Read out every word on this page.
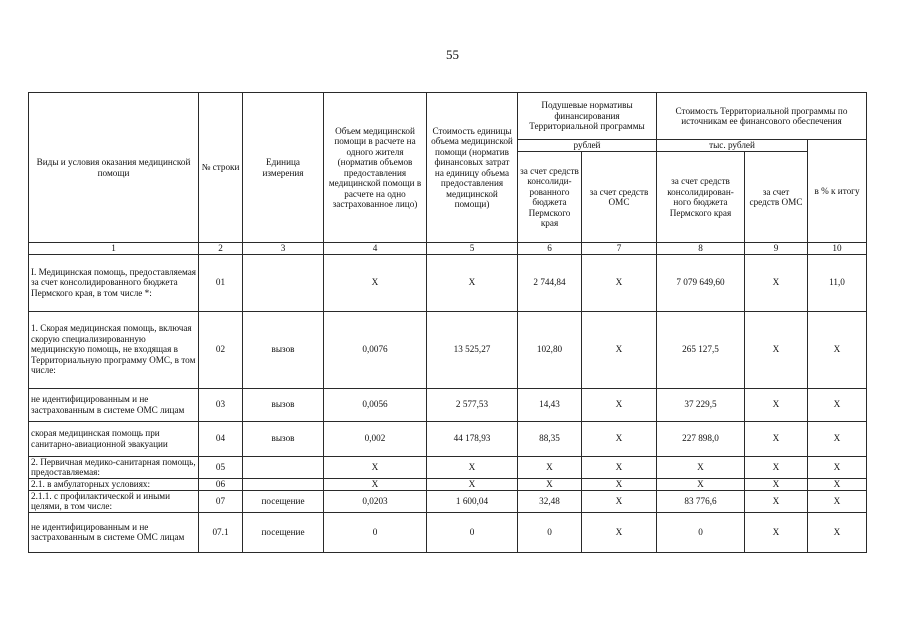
55
Виды и условия оказания медицинской помощи	№ строки	Единица измерения	Объем медицинской помощи в расчете на одного жителя (норматив объемов предоставления медицинской помощи в расчете на одно застрахованное лицо)	Стоимость единицы объема медицинской помощи (норматив финансовых затрат на единицу объема предоставления медицинской помощи)	Подушевые нормативы финансирования Территориальной программы		Стоимость Территориальной программы по источникам ее финансового обеспечения		
					рублей		тыс. рублей		в % к итогу
					за счет средств консолиди-рованного бюджета Пермского края	за счет средств ОМС	за счет средств консолидирован-ного бюджета Пермского края	за счет средств ОМС	
1	2	3	4	5	6	7	8	9	10
I. Медицинская помощь, предоставляемая за счет консолидированного бюджета Пермского края, в том числе *:	01		X	X	2 744,84	X	7 079 649,60	X	11,0
1. Скорая медицинская помощь, включая скорую специализированную медицинскую помощь, не входящая в Территориальную программу ОМС, в том числе:	02	вызов	0,0076	13 525,27	102,80	X	265 127,5	X	X
не идентифицированным и не застрахованным в системе ОМС лицам	03	вызов	0,0056	2 577,53	14,43	X	37 229,5	X	X
скорая медицинская помощь при санитарно-авиационной эвакуации	04	вызов	0,002	44 178,93	88,35	X	227 898,0	X	X
2. Первичная медико-санитарная помощь, предоставляемая:	05		X	X	X	X	X	X	X
2.1. в амбулаторных условиях:	06		X	X	X	X	X	X	X
2.1.1. с профилактической и иными целями, в том числе:	07	посещение	0,0203	1 600,04	32,48	X	83 776,6	X	X
не идентифицированным и не застрахованным в системе ОМС лицам	07.1	посещение	0	0	0	X	0	X	X
